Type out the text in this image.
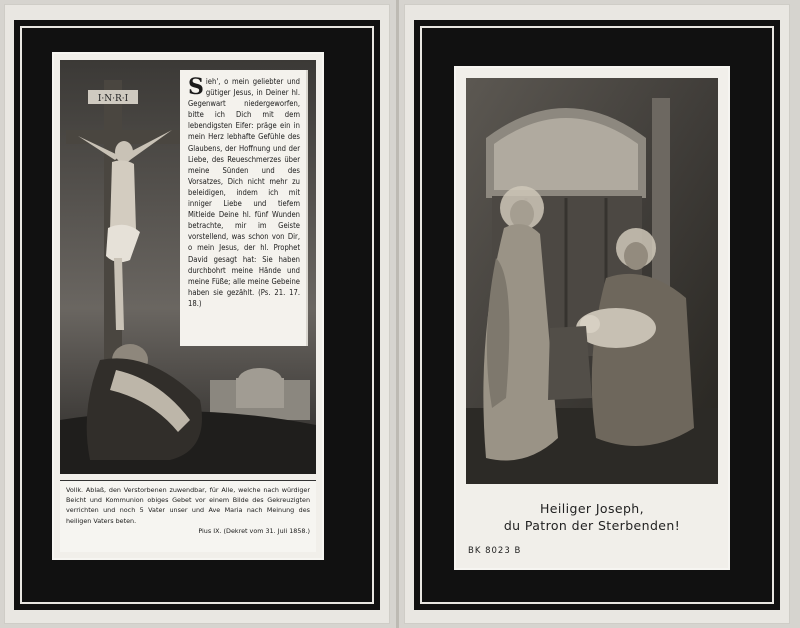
I·N·R·I	Sieh', o mein geliebter und gütiger Jesus, in Deiner hl. Gegenwart niedergeworfen, bitte ich Dich mit dem lebendigsten Eifer: präge ein in mein Herz lebhafte Gefühle des Glaubens, der Hoffnung und der Liebe, des Reueschmerzes über meine Sünden und des Vorsatzes, Dich nicht mehr zu beleidigen, indem ich mit inniger Liebe und tiefem Mitleide Deine hl. fünf Wunden betrachte, mir im Geiste vorstellend, was schon von Dir, o mein Jesus, der hl. Prophet David gesagt hat: Sie haben durchbohrt meine Hände und meine Füße; alle meine Gebeine haben sie gezählt. (Ps. 21. 17. 18.)
Vollk. Ablaß, den Verstorbenen zuwendbar, für Alle, welche nach würdiger Beicht und Kommunion obiges Gebet vor einem Bilde des Gekreuzigten verrichten und noch 5 Vater unser und Ave Maria nach Meinung des heiligen Vaters beten.
Pius IX. (Dekret vom 31. Juli 1858.)
Heiliger Joseph,
du Patron der Sterbenden!
BK 8023 B
